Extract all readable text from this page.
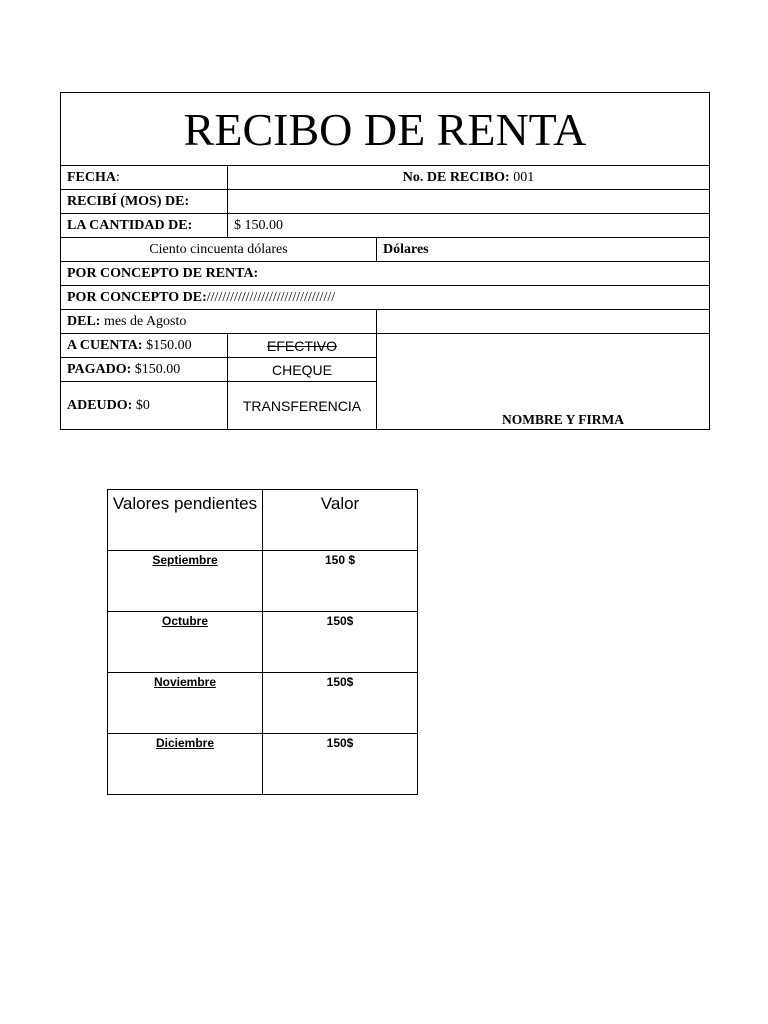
RECIBO DE RENTA		
FECHA:	No. DE RECIBO: 001	
RECIBÍ (MOS) DE:		
LA CANTIDAD DE:	$ 150.00	
Ciento cincuenta dólares		Dólares
POR CONCEPTO DE RENTA:		
POR CONCEPTO DE://///////////////////////////////		
DEL: mes de Agosto		
A CUENTA: $150.00	EFECTIVO	NOMBRE Y FIRMA
PAGADO: $150.00	CHEQUE	
ADEUDO: $0	TRANSFERENCIA	
Valores pendientes	Valor
Septiembre	150 $
Octubre	150$
Noviembre	150$
Diciembre	150$
